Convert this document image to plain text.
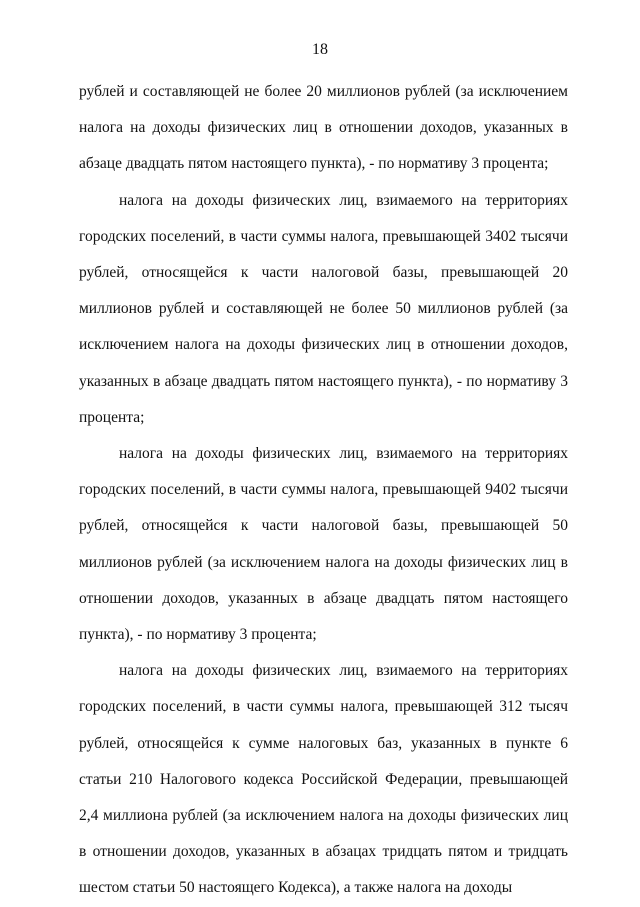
18

рублей и составляющей не более 20 миллионов рублей (за исключением налога на доходы физических лиц в отношении доходов, указанных в абзаце двадцать пятом настоящего пункта), - по нормативу 3 процента;

налога на доходы физических лиц, взимаемого на территориях городских поселений, в части суммы налога, превышающей 3402 тысячи рублей, относящейся к части налоговой базы, превышающей 20 миллионов рублей и составляющей не более 50 миллионов рублей (за исключением налога на доходы физических лиц в отношении доходов, указанных в абзаце двадцать пятом настоящего пункта), - по нормативу 3 процента;

налога на доходы физических лиц, взимаемого на территориях городских поселений, в части суммы налога, превышающей 9402 тысячи рублей, относящейся к части налоговой базы, превышающей 50 миллионов рублей (за исключением налога на доходы физических лиц в отношении доходов, указанных в абзаце двадцать пятом настоящего пункта), - по нормативу 3 процента;

налога на доходы физических лиц, взимаемого на территориях городских поселений, в части суммы налога, превышающей 312 тысяч рублей, относящейся к сумме налоговых баз, указанных в пункте 6 статьи 210 Налогового кодекса Российской Федерации, превышающей 2,4 миллиона рублей (за исключением налога на доходы физических лиц в отношении доходов, указанных в абзацах тридцать пятом и тридцать шестом статьи 50 настоящего Кодекса), а также налога на доходы
